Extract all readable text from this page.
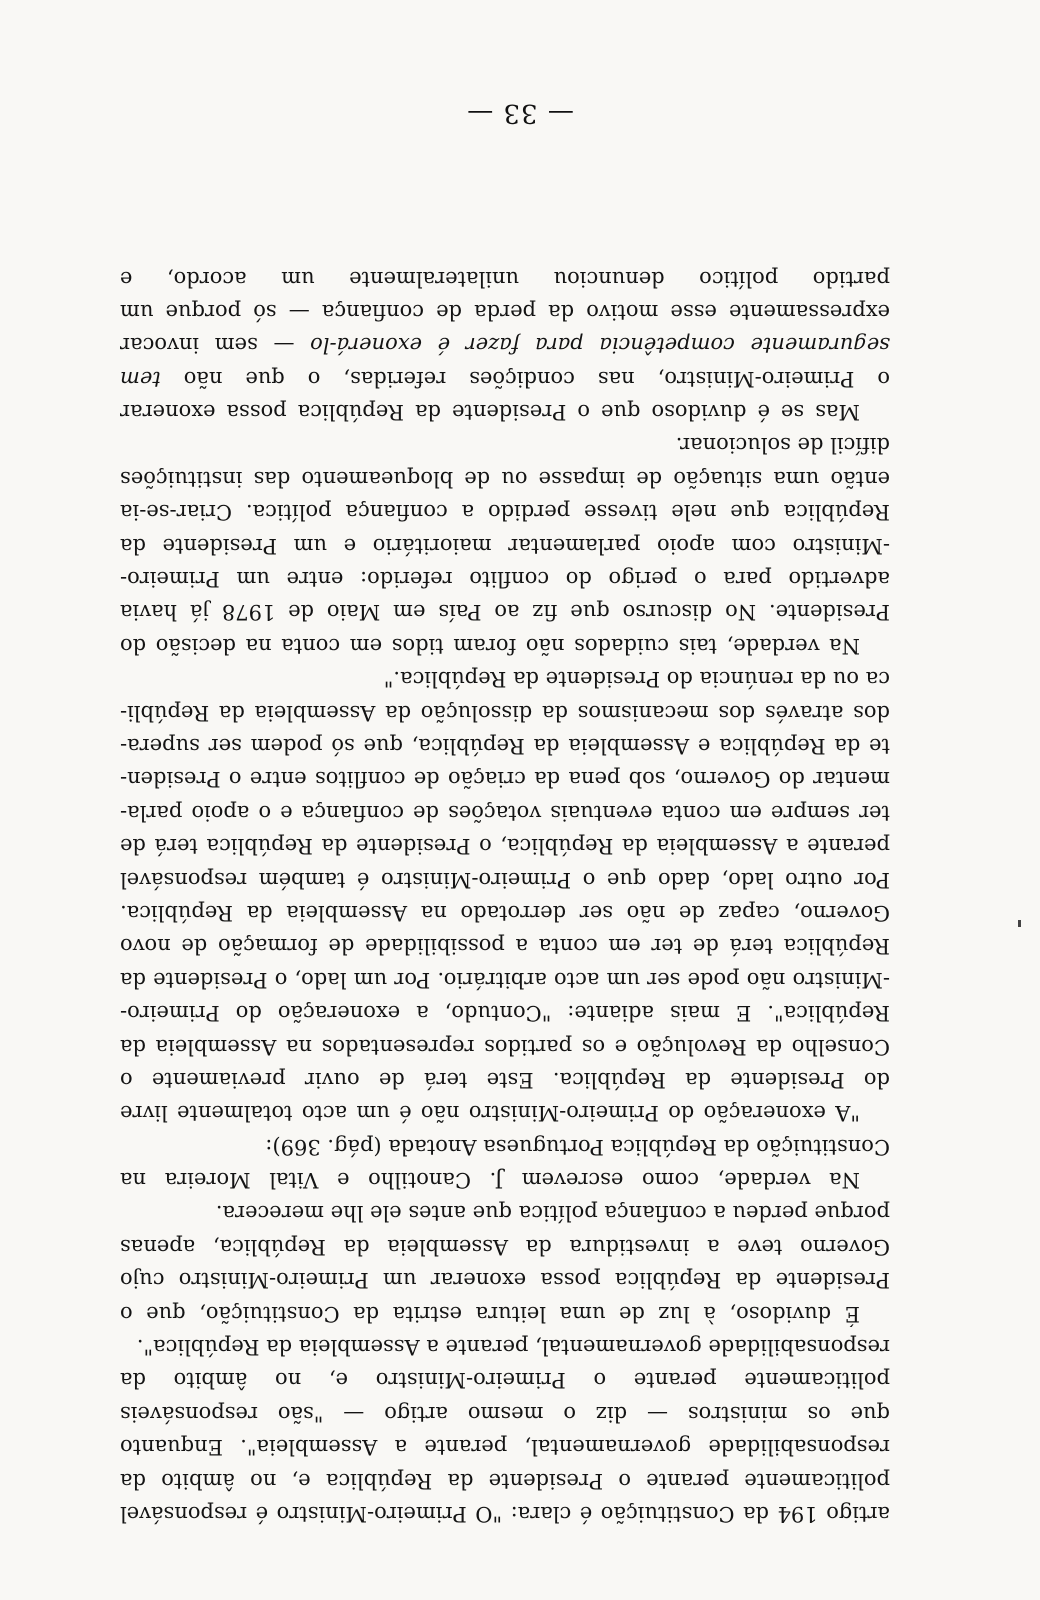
artigo 194 da Constituição é clara: "O Primeiro-Ministro é responsável
politicamente perante o Presidente da República e, no âmbito da
responsabilidade governamental, perante a Assembleia". Enquanto
que os ministros — diz o mesmo artigo — "são responsáveis
politicamente perante o Primeiro-Ministro e, no âmbito da
responsabilidade governamental, perante a Assembleia da República".
É duvidoso, à luz de uma leitura estrita da Constituição, que o
Presidente da República possa exonerar um Primeiro-Ministro cujo
Governo teve a investidura da Assembleia da República, apenas
porque perdeu a confiança política que antes ele lhe merecera.
Na verdade, como escrevem J. Canotilho e Vital Moreira na
Constituição da República Portuguesa Anotada (pág. 369):
"A exoneração do Primeiro-Ministro não é um acto totalmente livre
do Presidente da República. Este terá de ouvir previamente o
Conselho da Revolução e os partidos representados na Assembleia da
República". E mais adiante: "Contudo, a exoneração do Primeiro-
-Ministro não pode ser um acto arbitrário. Por um lado, o Presidente da
República terá de ter em conta a possibilidade de formação de novo
Governo, capaz de não ser derrotado na Assembleia da República.
Por outro lado, dado que o Primeiro-Ministro é também responsável
perante a Assembleia da República, o Presidente da República terá de
ter sempre em conta eventuais votações de confiança e o apoio parla-
mentar do Governo, sob pena da criação de conflitos entre o Presiden-
te da República e Assembleia da República, que só podem ser supera-
dos através dos mecanismos da dissolução da Assembleia da Repúbli-
ca ou da renúncia do Presidente da República."
Na verdade, tais cuidados não foram tidos em conta na decisão do
Presidente. No discurso que fiz ao País em Maio de 1978 já havia
advertido para o perigo do conflito referido: entre um Primeiro-
-Ministro com apoio parlamentar maioritário e um Presidente da
República que nele tivesse perdido a confiança política. Criar-se-ia
então uma situação de impasse ou de bloqueamento das instituições
difícil de solucionar.
Mas se é duvidoso que o Presidente da República possa exonerar
o Primeiro-Ministro, nas condições referidas, o que não tem
seguramente competência para fazer é exonerá-lo — sem invocar
expressamente esse motivo da perda de confiança — só porque um
partido político denunciou unilateralmente um acordo, e
— 33 —
